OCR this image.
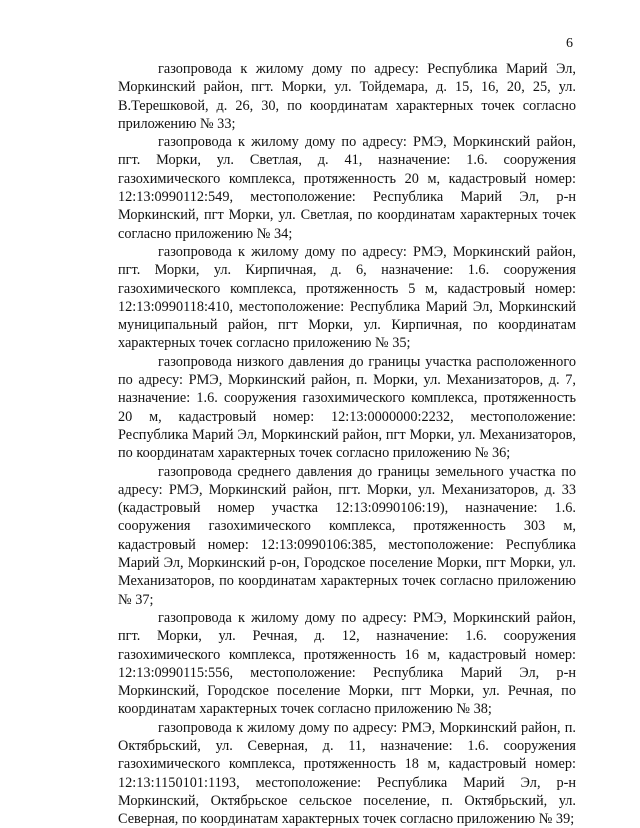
6

газопровода к жилому дому по адресу: Республика Марий Эл, Моркинский район, пгт. Морки, ул. Тойдемара, д. 15, 16, 20, 25, ул. В.Терешковой, д. 26, 30, по координатам характерных точек согласно приложению № 33;

газопровода к жилому дому по адресу: РМЭ, Моркинский район, пгт. Морки, ул. Светлая, д. 41, назначение: 1.6. сооружения газохимического комплекса, протяженность 20 м, кадастровый номер: 12:13:0990112:549, местоположение: Республика Марий Эл, р-н Моркинский, пгт Морки, ул. Светлая, по координатам характерных точек согласно приложению № 34;

газопровода к жилому дому по адресу: РМЭ, Моркинский район, пгт. Морки, ул. Кирпичная, д. 6, назначение: 1.6. сооружения газохимического комплекса, протяженность 5 м, кадастровый номер: 12:13:0990118:410, местоположение: Республика Марий Эл, Моркинский муниципальный район, пгт Морки, ул. Кирпичная, по координатам характерных точек согласно приложению № 35;

газопровода низкого давления до границы участка расположенного по адресу: РМЭ, Моркинский район, п. Морки, ул. Механизаторов, д. 7, назначение: 1.6. сооружения газохимического комплекса, протяженность 20 м, кадастровый номер: 12:13:0000000:2232, местоположение: Республика Марий Эл, Моркинский район, пгт Морки, ул. Механизаторов, по координатам характерных точек согласно приложению № 36;

газопровода среднего давления до границы земельного участка по адресу: РМЭ, Моркинский район, пгт. Морки, ул. Механизаторов, д. 33 (кадастровый номер участка 12:13:0990106:19), назначение: 1.6. сооружения газохимического комплекса, протяженность 303 м, кадастровый номер: 12:13:0990106:385, местоположение: Республика Марий Эл, Моркинский р-он, Городское поселение Морки, пгт Морки, ул. Механизаторов, по координатам характерных точек согласно приложению № 37;

газопровода к жилому дому по адресу: РМЭ, Моркинский район, пгт. Морки, ул. Речная, д. 12, назначение: 1.6. сооружения газохимического комплекса, протяженность 16 м, кадастровый номер: 12:13:0990115:556, местоположение: Республика Марий Эл, р-н Моркинский, Городское поселение Морки, пгт Морки, ул. Речная, по координатам характерных точек согласно приложению № 38;

газопровода к жилому дому по адресу: РМЭ, Моркинский район, п. Октябрьский, ул. Северная, д. 11, назначение: 1.6. сооружения газохимического комплекса, протяженность 18 м, кадастровый номер: 12:13:1150101:1193, местоположение: Республика Марий Эл, р-н Моркинский, Октябрьское сельское поселение, п. Октябрьский, ул. Северная, по координатам характерных точек согласно приложению № 39;
